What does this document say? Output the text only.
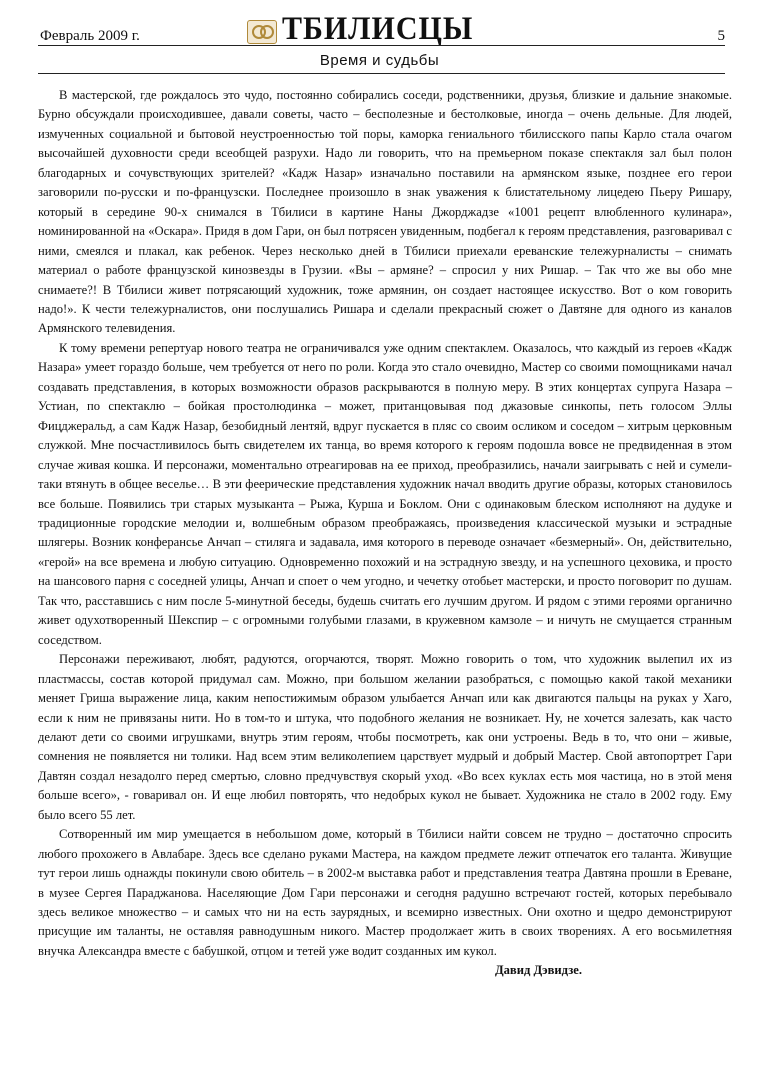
Февраль 2009 г.	ТБИЛИСЦЫ	5
Время и судьбы

В мастерской, где рождалось это чудо, постоянно собирались соседи, родственники, друзья, близкие и дальние знакомые. Бурно обсуждали происходившее, давали советы, часто – бесполезные и бестолковые, иногда – очень дельные. Для людей, измученных социальной и бытовой неустроенностью той поры, каморка гениального тбилисского папы Карло стала очагом высочайшей духовности среди всеобщей разрухи. Надо ли говорить, что на премьерном показе спектакля зал был полон благодарных и сочувствующих зрителей? «Кадж Назар» изначально поставили на армянском языке, позднее его герои заговорили по-русски и по-французски. Последнее произошло в знак уважения к блистательному лицедею Пьеру Ришару, который в середине 90-х снимался в Тбилиси в картине Наны Джорджадзе «1001 рецепт влюбленного кулинара», номинированной на «Оскара». Придя в дом Гари, он был потрясен увиденным, подбегал к героям представления, разговаривал с ними, смеялся и плакал, как ребенок. Через несколько дней в Тбилиси приехали ереванские тележурналисты – снимать материал о работе французской кинозвезды в Грузии. «Вы – армяне? – спросил у них Ришар. – Так что же вы обо мне снимаете?! В Тбилиси живет потрясающий художник, тоже армянин, он создает настоящее искусство. Вот о ком говорить надо!». К чести тележурналистов, они послушались Ришара и сделали прекрасный сюжет о Давтяне для одного из каналов Армянского телевидения.

К тому времени репертуар нового театра не ограничивался уже одним спектаклем. Оказалось, что каждый из героев «Кадж Назара» умеет гораздо больше, чем требуется от него по роли. Когда это стало очевидно, Мастер со своими помощниками начал создавать представления, в которых возможности образов раскрываются в полную меру. В этих концертах супруга Назара – Устиан, по спектаклю – бойкая простолюдинка – может, пританцовывая под джазовые синкопы, петь голосом Эллы Фицджеральд, а сам Кадж Назар, безобидный лентяй, вдруг пускается в пляс со своим осликом и соседом – хитрым церковным служкой. Мне посчастливилось быть свидетелем их танца, во время которого к героям подошла вовсе не предвиденная в этом случае живая кошка. И персонажи, моментально отреагировав на ее приход, преобразились, начали заигрывать с ней и сумели-таки втянуть в общее веселье… В эти феерические представления художник начал вводить другие образы, которых становилось все больше. Появились три старых музыканта – Рыжа, Курша и Боклом. Они с одинаковым блеском исполняют на дудуке и традиционные городские мелодии и, волшебным образом преображаясь, произведения классической музыки и эстрадные шлягеры. Возник конферансье Анчап – стиляга и задавала, имя которого в переводе означает «безмерный». Он, действительно, «герой» на все времена и любую ситуацию. Одновременно похожий и на эстрадную звезду, и на успешного цеховика, и просто на шансового парня с соседней улицы, Анчап и споет о чем угодно, и чечетку отобьет мастерски, и просто поговорит по душам. Так что, расставшись с ним после 5-минутной беседы, будешь считать его лучшим другом. И рядом с этими героями органично живет одухотворенный Шекспир – с огромными голубыми глазами, в кружевном камзоле – и ничуть не смущается странным соседством.

Персонажи переживают, любят, радуются, огорчаются, творят. Можно говорить о том, что художник вылепил их из пластмассы, состав которой придумал сам. Можно, при большом желании разобраться, с помощью какой такой механики меняет Гриша выражение лица, каким непостижимым образом улыбается Анчап или как двигаются пальцы на руках у Хаго, если к ним не привязаны нити. Но в том-то и штука, что подобного желания не возникает. Ну, не хочется залезать, как часто делают дети со своими игрушками, внутрь этим героям, чтобы посмотреть, как они устроены. Ведь в то, что они – живые, сомнения не появляется ни толики. Над всем этим великолепием царствует мудрый и добрый Мастер. Свой автопортрет Гари Давтян создал незадолго перед смертью, словно предчувствуя скорый уход. «Во всех куклах есть моя частица, но в этой меня больше всего», - говаривал он. И еще любил повторять, что недобрых кукол не бывает. Художника не стало в 2002 году. Ему было всего 55 лет.

Сотворенный им мир умещается в небольшом доме, который в Тбилиси найти совсем не трудно – достаточно спросить любого прохожего в Авлабаре. Здесь все сделано руками Мастера, на каждом предмете лежит отпечаток его таланта. Живущие тут герои лишь однажды покинули свою обитель – в 2002-м выставка работ и представления театра Давтяна прошли в Ереване, в музее Сергея Параджанова. Населяющие Дом Гари персонажи и сегодня радушно встречают гостей, которых перебывало здесь великое множество – и самых что ни на есть заурядных, и всемирно известных. Они охотно и щедро демонстрируют присущие им таланты, не оставляя равнодушным никого. Мастер продолжает жить в своих творениях. А его восьмилетняя внучка Александра вместе с бабушкой, отцом и тетей уже водит созданных им кукол.

Давид Дэвидзе.
